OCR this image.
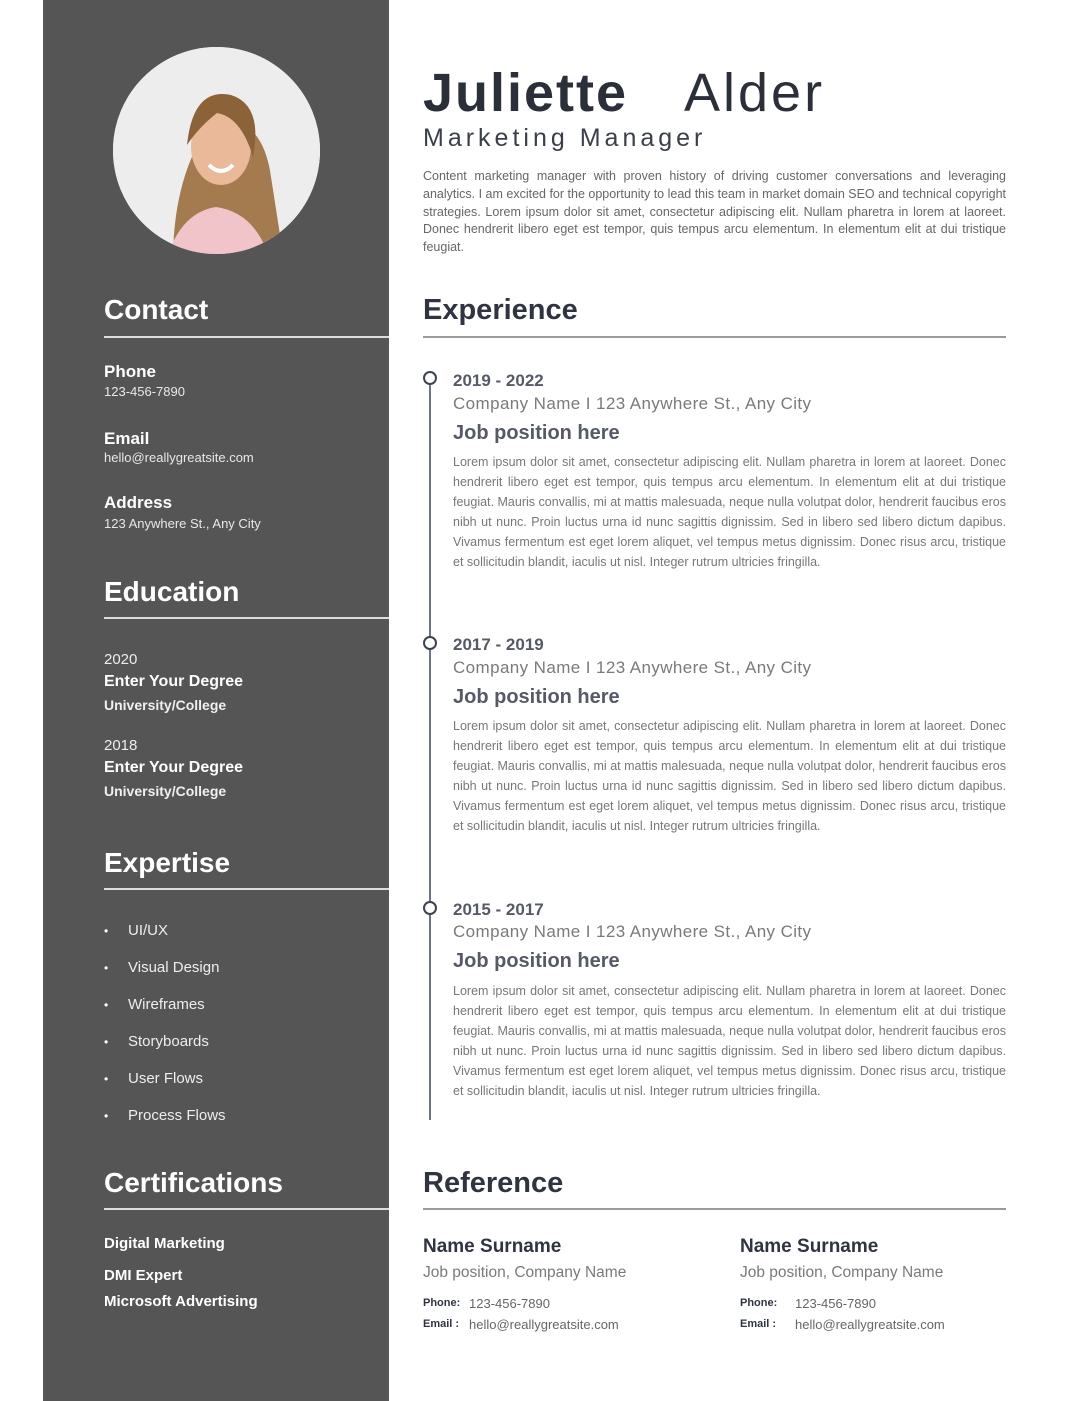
Contact
Phone
123-456-7890
Email
hello@reallygreatsite.com
Address
123 Anywhere St., Any City
Education
2020
Enter Your Degree
University/College
2018
Enter Your Degree
University/College
Expertise
•	UI/UX
•	Visual Design
•	Wireframes
•	Storyboards
•	User Flows
•	Process Flows
Certifications
Digital Marketing
DMI Expert
Microsoft Advertising
Juliette Alder
Marketing Manager

Content marketing manager with proven history of driving customer conversations and leveraging analytics. I am excited for the opportunity to lead this team in market domain SEO and technical copyright strategies. Lorem ipsum dolor sit amet, consectetur adipiscing elit. Nullam pharetra in lorem at laoreet. Donec hendrerit libero eget est tempor, quis tempus arcu elementum. In elementum elit at dui tristique feugiat.

Experience
2019 - 2022
Company Name I 123 Anywhere St., Any City
Job position here

Lorem ipsum dolor sit amet, consectetur adipiscing elit. Nullam pharetra in lorem at laoreet. Donec hendrerit libero eget est tempor, quis tempus arcu elementum. In elementum elit at dui tristique feugiat. Mauris convallis, mi at mattis malesuada, neque nulla volutpat dolor, hendrerit faucibus eros nibh ut nunc. Proin luctus urna id nunc sagittis dignissim. Sed in libero sed libero dictum dapibus. Vivamus fermentum est eget lorem aliquet, vel tempus metus dignissim. Donec risus arcu, tristique et sollicitudin blandit, iaculis ut nisl. Integer rutrum ultricies fringilla.

2017 - 2019
Company Name I 123 Anywhere St., Any City
Job position here

Lorem ipsum dolor sit amet, consectetur adipiscing elit. Nullam pharetra in lorem at laoreet. Donec hendrerit libero eget est tempor, quis tempus arcu elementum. In elementum elit at dui tristique feugiat. Mauris convallis, mi at mattis malesuada, neque nulla volutpat dolor, hendrerit faucibus eros nibh ut nunc. Proin luctus urna id nunc sagittis dignissim. Sed in libero sed libero dictum dapibus. Vivamus fermentum est eget lorem aliquet, vel tempus metus dignissim. Donec risus arcu, tristique et sollicitudin blandit, iaculis ut nisl. Integer rutrum ultricies fringilla.

2015 - 2017
Company Name I 123 Anywhere St., Any City
Job position here

Lorem ipsum dolor sit amet, consectetur adipiscing elit. Nullam pharetra in lorem at laoreet. Donec hendrerit libero eget est tempor, quis tempus arcu elementum. In elementum elit at dui tristique feugiat. Mauris convallis, mi at mattis malesuada, neque nulla volutpat dolor, hendrerit faucibus eros nibh ut nunc. Proin luctus urna id nunc sagittis dignissim. Sed in libero sed libero dictum dapibus. Vivamus fermentum est eget lorem aliquet, vel tempus metus dignissim. Donec risus arcu, tristique et sollicitudin blandit, iaculis ut nisl. Integer rutrum ultricies fringilla.

Reference
Name Surname
Job position, Company Name
Phone: 123-456-7890
Email : hello@reallygreatsite.com
Name Surname
Job position, Company Name
Phone: 123-456-7890
Email : hello@reallygreatsite.com
